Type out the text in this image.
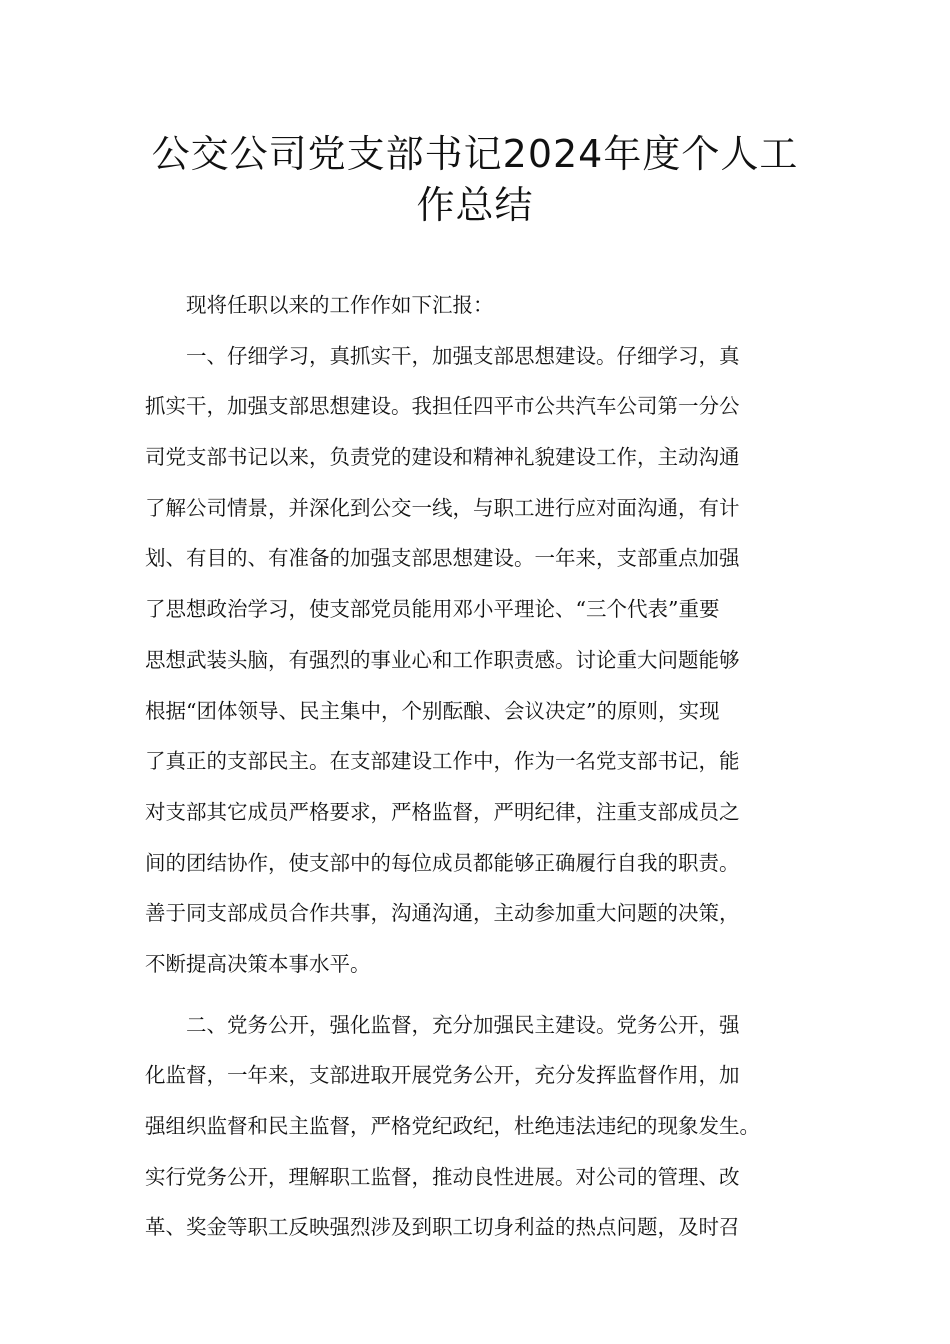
公交公司党支部书记2024年度个人工
作总结
　　现将任职以来的工作作如下汇报：
　　一、仔细学习，真抓实干，加强支部思想建设。仔细学习，真
抓实干，加强支部思想建设。我担任四平市公共汽车公司第一分公
司党支部书记以来，负责党的建设和精神礼貌建设工作，主动沟通
了解公司情景，并深化到公交一线，与职工进行应对面沟通，有计
划、有目的、有准备的加强支部思想建设。一年来，支部重点加强
了思想政治学习，使支部党员能用邓小平理论、“三个代表”重要
思想武装头脑，有强烈的事业心和工作职责感。讨论重大问题能够
根据“团体领导、民主集中，个别酝酿、会议决定”的原则，实现
了真正的支部民主。在支部建设工作中，作为一名党支部书记，能
对支部其它成员严格要求，严格监督，严明纪律，注重支部成员之
间的团结协作，使支部中的每位成员都能够正确履行自我的职责。
善于同支部成员合作共事，沟通沟通，主动参加重大问题的决策，
不断提高决策本事水平。
　　二、党务公开，强化监督，充分加强民主建设。党务公开，强
化监督，一年来，支部进取开展党务公开，充分发挥监督作用，加
强组织监督和民主监督，严格党纪政纪，杜绝违法违纪的现象发生。
实行党务公开，理解职工监督，推动良性进展。对公司的管理、改
革、奖金等职工反映强烈涉及到职工切身利益的热点问题，及时召
